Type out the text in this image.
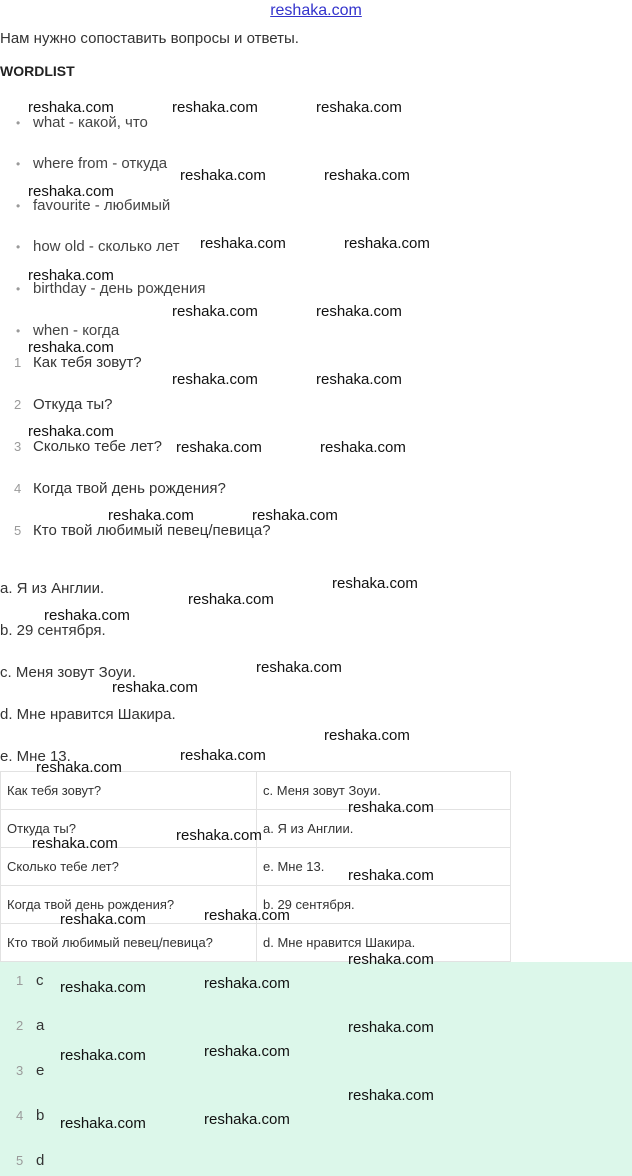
reshaka.com
Нам нужно сопоставить вопросы и ответы.
WORDLIST
• what - какой, что
• where from - откуда
• favourite - любимый
• how old - сколько лет
• birthday - день рождения
• when - когда
1 Как тебя зовут?
2 Откуда ты?
3 Сколько тебе лет?
4 Когда твой день рождения?
5 Кто твой любимый певец/певица?
a. Я из Англии.
b. 29 сентября.
c. Меня зовут Зоуи.
d. Мне нравится Шакира.
e. Мне 13.
Как тебя зовут?	c. Меня зовут Зоуи.
Откуда ты?	a. Я из Англии.
Сколько тебе лет?	e. Мне 13.
Когда твой день рождения?	b. 29 сентября.
Кто твой любимый певец/певица?	d. Мне нравится Шакира.
1 c
2 a
3 e
4 b
5 d
reshaka.com	reshaka.com	reshaka.com
reshaka.com	reshaka.com
reshaka.com
reshaka.com	reshaka.com
reshaka.com
reshaka.com	reshaka.com
reshaka.com
reshaka.com	reshaka.com
reshaka.com
reshaka.com	reshaka.com
reshaka.com	reshaka.com
reshaka.com
reshaka.com
reshaka.com
reshaka.com
reshaka.com
reshaka.com
reshaka.com
reshaka.com
reshaka.com
reshaka.com
reshaka.com
reshaka.com
reshaka.com
reshaka.com
reshaka.com
reshaka.com
reshaka.com
reshaka.com
reshaka.com
reshaka.com
reshaka.com
reshaka.com
reshaka.com
